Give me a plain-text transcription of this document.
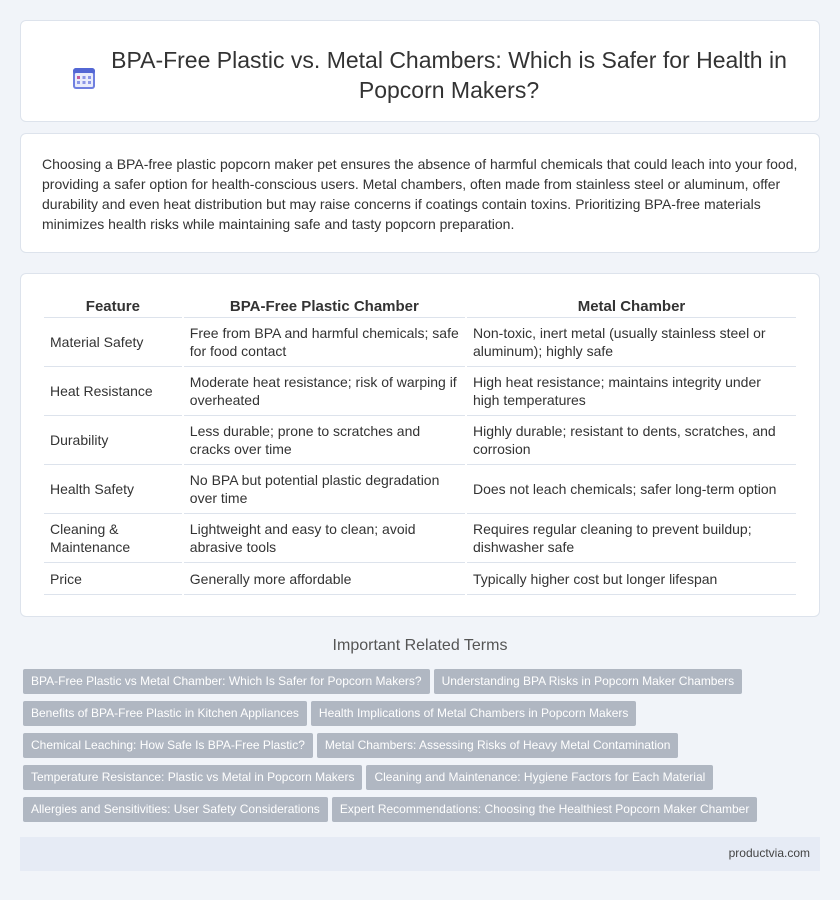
BPA-Free Plastic vs. Metal Chambers: Which is Safer for Health in Popcorn Makers?

Choosing a BPA-free plastic popcorn maker pet ensures the absence of harmful chemicals that could leach into your food, providing a safer option for health-conscious users. Metal chambers, often made from stainless steel or aluminum, offer durability and even heat distribution but may raise concerns if coatings contain toxins. Prioritizing BPA-free materials minimizes health risks while maintaining safe and tasty popcorn preparation.

Feature	BPA-Free Plastic Chamber	Metal Chamber
Material Safety	Free from BPA and harmful chemicals; safe for food contact	Non-toxic, inert metal (usually stainless steel or aluminum); highly safe
Heat Resistance	Moderate heat resistance; risk of warping if overheated	High heat resistance; maintains integrity under high temperatures
Durability	Less durable; prone to scratches and cracks over time	Highly durable; resistant to dents, scratches, and corrosion
Health Safety	No BPA but potential plastic degradation over time	Does not leach chemicals; safer long-term option
Cleaning & Maintenance	Lightweight and easy to clean; avoid abrasive tools	Requires regular cleaning to prevent buildup; dishwasher safe
Price	Generally more affordable	Typically higher cost but longer lifespan
Important Related Terms
BPA-Free Plastic vs Metal Chamber: Which Is Safer for Popcorn Makers? Understanding BPA Risks in Popcorn Maker Chambers
Benefits of BPA-Free Plastic in Kitchen Appliances Health Implications of Metal Chambers in Popcorn Makers
Chemical Leaching: How Safe Is BPA-Free Plastic? Metal Chambers: Assessing Risks of Heavy Metal Contamination
Temperature Resistance: Plastic vs Metal in Popcorn Makers Cleaning and Maintenance: Hygiene Factors for Each Material
Allergies and Sensitivities: User Safety Considerations Expert Recommendations: Choosing the Healthiest Popcorn Maker Chamber
productvia.com
